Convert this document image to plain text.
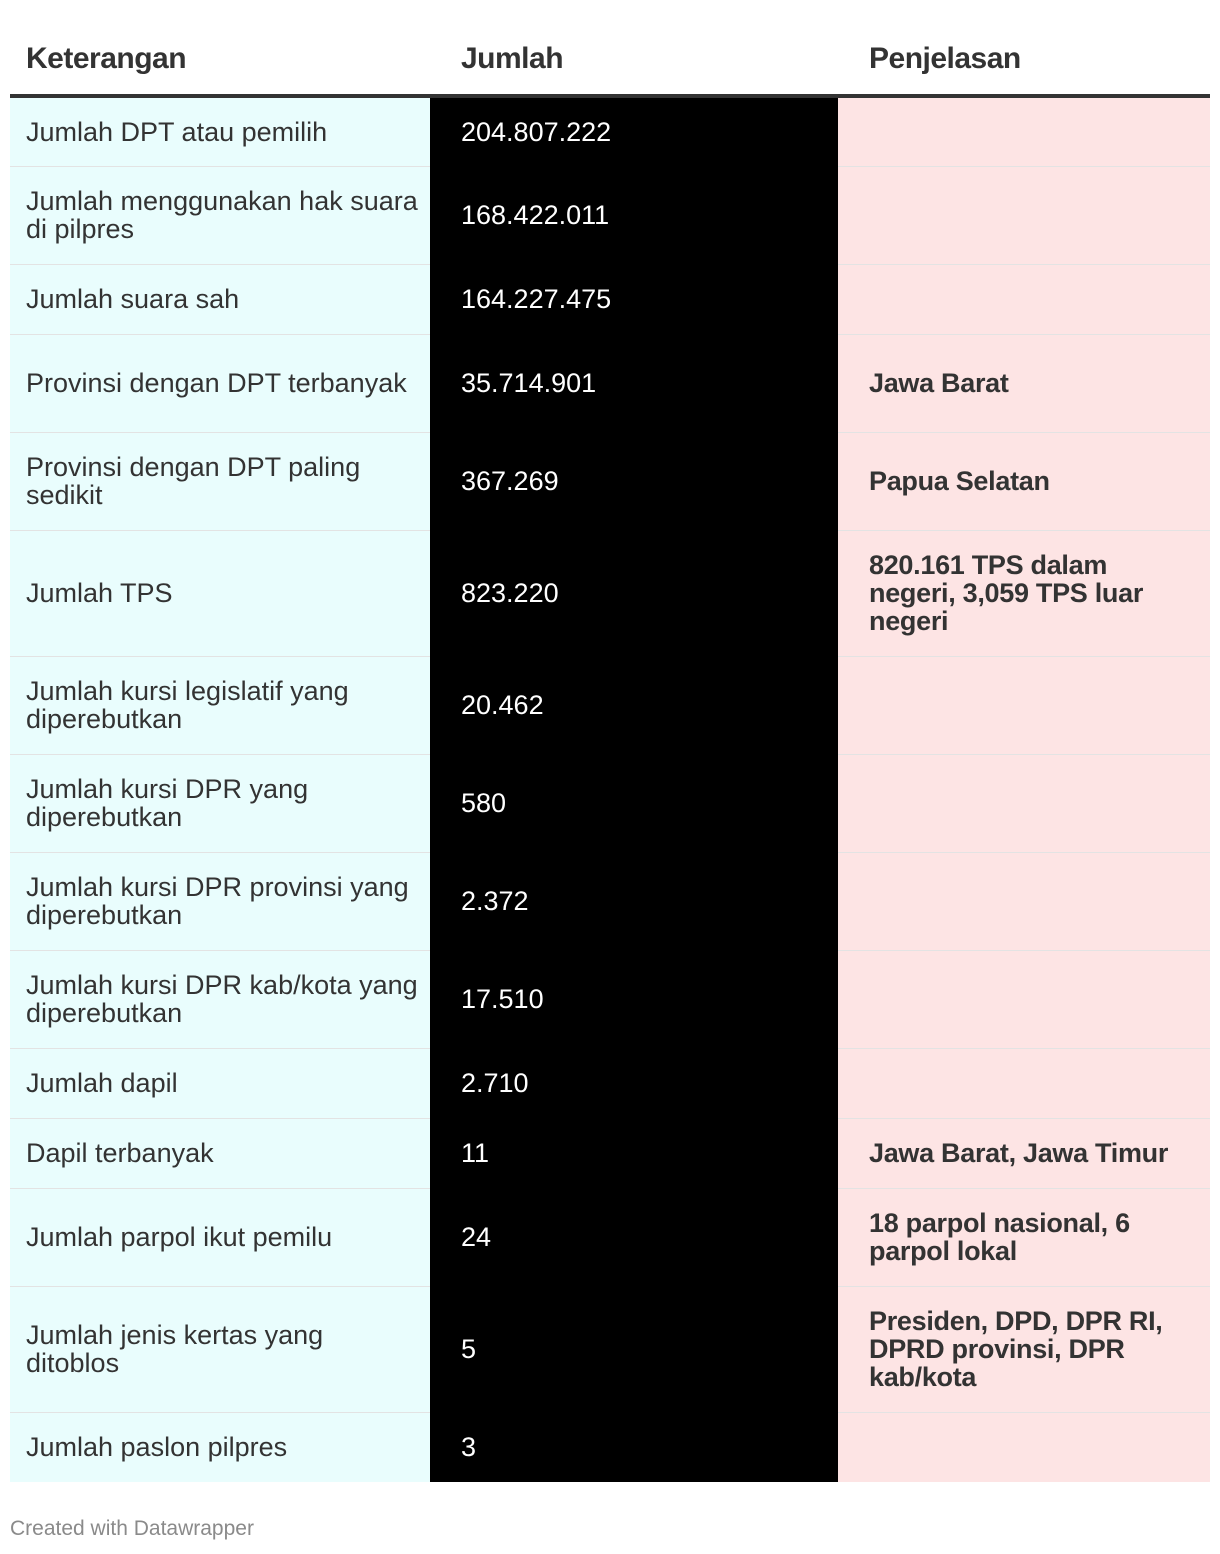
Keterangan	Jumlah	Penjelasan
Jumlah DPT atau pemilih	204.807.222	
Jumlah menggunakan hak suara di pilpres	168.422.011	
Jumlah suara sah	164.227.475	
Provinsi dengan DPT terbanyak	35.714.901	Jawa Barat
Provinsi dengan DPT paling sedikit	367.269	Papua Selatan
Jumlah TPS	823.220	820.161 TPS dalam negeri, 3,059 TPS luar negeri
Jumlah kursi legislatif yang diperebutkan	20.462	
Jumlah kursi DPR yang diperebutkan	580	
Jumlah kursi DPR provinsi yang diperebutkan	2.372	
Jumlah kursi DPR kab/kota yang diperebutkan	17.510	
Jumlah dapil	2.710	
Dapil terbanyak	11	Jawa Barat, Jawa Timur
Jumlah parpol ikut pemilu	24	18 parpol nasional, 6 parpol lokal
Jumlah jenis kertas yang ditoblos	5	Presiden, DPD, DPR RI, DPRD provinsi, DPR kab/kota
Jumlah paslon pilpres	3	
Created with Datawrapper
